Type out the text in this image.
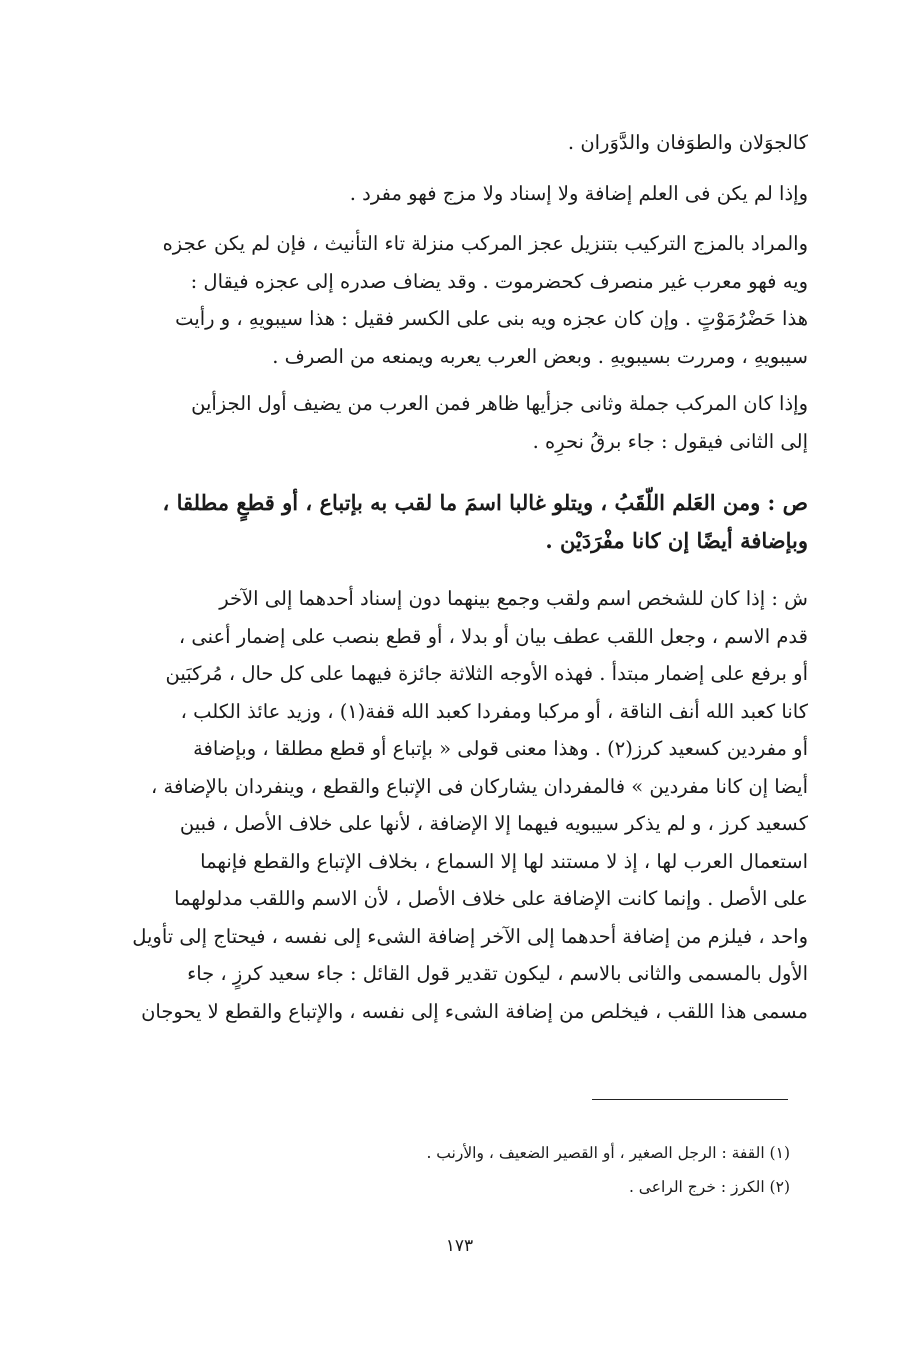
كالجوَلان والطوَفان والدَّوَران .
وإذا لم يكن فى العلم إضافة ولا إسناد ولا مزج فهو مفرد .
والمراد بالمزج التركيب بتنزيل عجز المركب منزلة تاء التأنيث ، فإن لم يكن عجزه
ويه فهو معرب غير منصرف كحضرموت . وقد يضاف صدره إلى عجزه فيقال :
هذا حَضْرُمَوْتٍ . وإن كان عجزه ويه بنى على الكسر فقيل : هذا سيبويهِ ، و رأيت
سيبويهِ ، ومررت بسيبويهِ . وبعض العرب يعربه ويمنعه من الصرف .
وإذا كان المركب جملة وثانى جزأيها ظاهر فمن العرب من يضيف أول الجزأين
إلى الثانى فيقول : جاء برقُ نحرِه .
ص : ومن العَلم اللّقَبُ ، ويتلو غالبا اسمَ ما لقب به بإتباع ، أو قطعٍ مطلقا ،
وبإضافة أيضًا إن كانا مفْرَدَيْن .
ش : إذا كان للشخص اسم ولقب وجمع بينهما دون إسناد أحدهما إلى الآخر
قدم الاسم ، وجعل اللقب عطف بيان أو بدلا ، أو قطع بنصب على إضمار أعنى ،
أو برفع على إضمار مبتدأ . فهذه الأوجه الثلاثة جائزة فيهما على كل حال ، مُركبَين
كانا كعبد الله أنف الناقة ، أو مركبا ومفردا كعبد الله قفة(١) ، وزيد عائذ الكلب ،
أو مفردين كسعيد كرز(٢) . وهذا معنى قولى « بإتباع أو قطع مطلقا ، وبإضافة
أيضا إن كانا مفردين » فالمفردان يشاركان فى الإتباع والقطع ، وينفردان بالإضافة ،
كسعيد كرز ، و لم يذكر سيبويه فيهما إلا الإضافة ، لأنها على خلاف الأصل ، فبين
استعمال العرب لها ، إذ لا مستند لها إلا السماع ، بخلاف الإتباع والقطع فإنهما
على الأصل . وإنما كانت الإضافة على خلاف الأصل ، لأن الاسم واللقب مدلولهما
واحد ، فيلزم من إضافة أحدهما إلى الآخر إضافة الشىء إلى نفسه ، فيحتاج إلى تأويل
الأول بالمسمى والثانى بالاسم ، ليكون تقدير قول القائل : جاء سعيد كرزٍ ، جاء
مسمى هذا اللقب ، فيخلص من إضافة الشىء إلى نفسه ، والإتباع والقطع لا يحوجان
(١) القفة : الرجل الصغير ، أو القصير الضعيف ، والأرنب .
(٢) الكرز : خرج الراعى .
١٧٣
